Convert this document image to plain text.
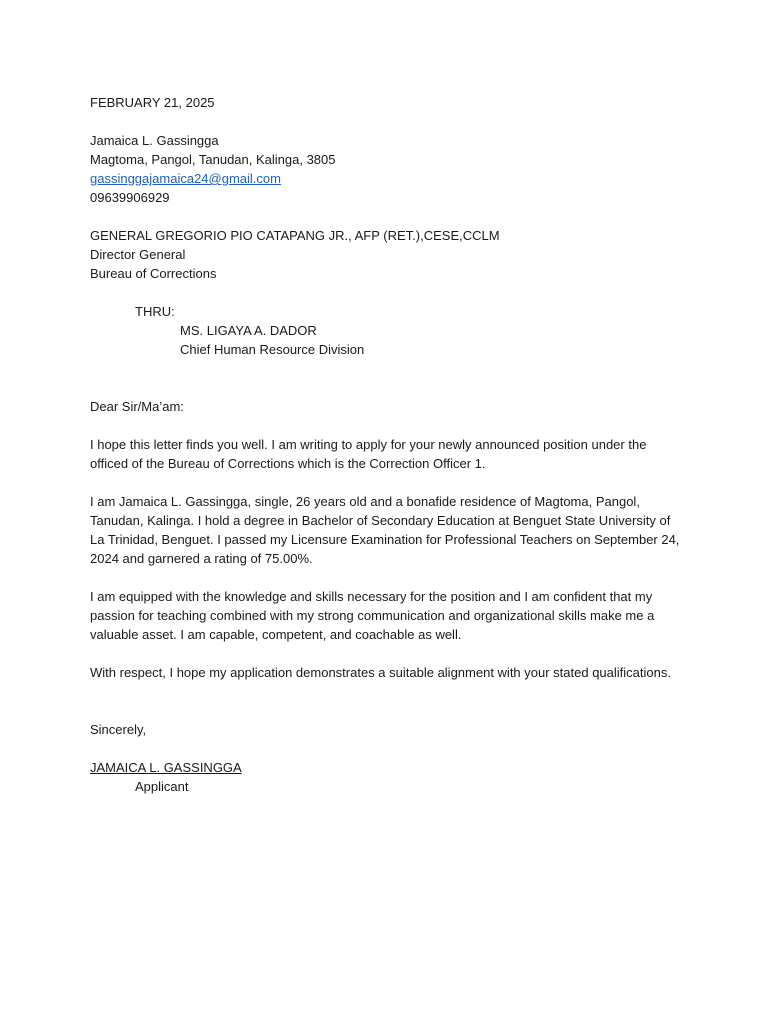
FEBRUARY 21, 2025
Jamaica L. Gassingga
Magtoma, Pangol, Tanudan, Kalinga, 3805
gassinggajamaica24@gmail.com
09639906929
GENERAL GREGORIO PIO CATAPANG JR., AFP (RET.),CESE,CCLM
Director General
Bureau of Corrections
THRU:
MS. LIGAYA A. DADOR
Chief Human Resource Division
Dear Sir/Ma’am:

I hope this letter finds you well. I am writing to apply for your newly announced position under the officed of the Bureau of Corrections which is the Correction Officer 1.

I am Jamaica L. Gassingga, single, 26 years old and a bonafide residence of Magtoma, Pangol, Tanudan, Kalinga. I hold a degree in Bachelor of Secondary Education at Benguet State University of La Trinidad, Benguet. I passed my Licensure Examination for Professional Teachers on September 24, 2024 and garnered a rating of 75.00%.

I am equipped with the knowledge and skills necessary for the position and I am confident that my passion for teaching combined with my strong communication and organizational skills make me a valuable asset. I am capable, competent, and coachable as well.

With respect, I hope my application demonstrates a suitable alignment with your stated qualifications.

Sincerely,
JAMAICA L. GASSINGGA
Applicant
